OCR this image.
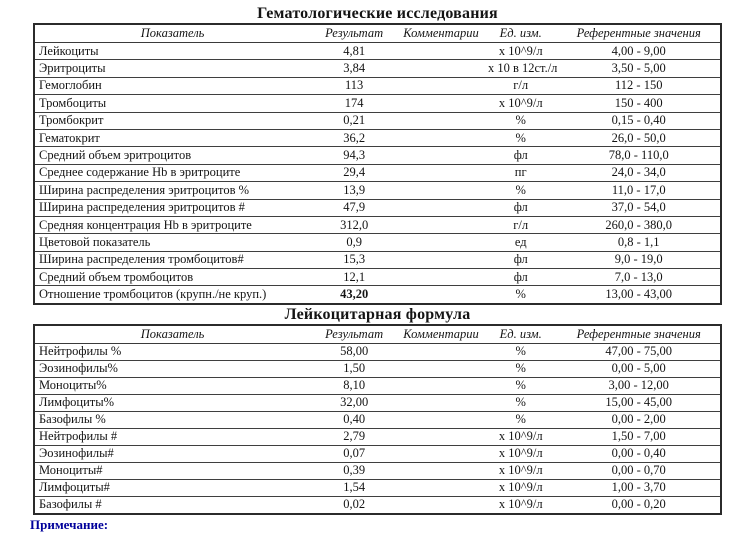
Гематологические исследования
Показатель	Результат	Комментарии	Ед. изм.	Референтные значения
Лейкоциты	4,81		х 10^9/л	4,00 - 9,00
Эритроциты	3,84		х 10 в 12ст./л	3,50 - 5,00
Гемоглобин	113		г/л	112 - 150
Тромбоциты	174		х 10^9/л	150 - 400
Тромбокрит	0,21		%	0,15 - 0,40
Гематокрит	36,2		%	26,0 - 50,0
Средний объем эритроцитов	94,3		фл	78,0 - 110,0
Среднее содержание Hb в эритроците	29,4		пг	24,0 - 34,0
Ширина распределения эритроцитов %	13,9		%	11,0 - 17,0
Ширина распределения эритроцитов #	47,9		фл	37,0 - 54,0
Средняя концентрация Hb в эритроците	312,0		г/л	260,0 - 380,0
Цветовой показатель	0,9		ед	0,8 - 1,1
Ширина распределения тромбоцитов#	15,3		фл	9,0 - 19,0
Средний объем тромбоцитов	12,1		фл	7,0 - 13,0
Отношение тромбоцитов (крупн./не круп.)	43,20		%	13,00 - 43,00
Лейкоцитарная формула
Показатель	Результат	Комментарии	Ед. изм.	Референтные значения
Нейтрофилы %	58,00		%	47,00 - 75,00
Эозинофилы%	1,50		%	0,00 - 5,00
Моноциты%	8,10		%	3,00 - 12,00
Лимфоциты%	32,00		%	15,00 - 45,00
Базофилы %	0,40		%	0,00 - 2,00
Нейтрофилы #	2,79		х 10^9/л	1,50 - 7,00
Эозинофилы#	0,07		х 10^9/л	0,00 - 0,40
Моноциты#	0,39		х 10^9/л	0,00 - 0,70
Лимфоциты#	1,54		х 10^9/л	1,00 - 3,70
Базофилы #	0,02		х 10^9/л	0,00 - 0,20
Примечание:
